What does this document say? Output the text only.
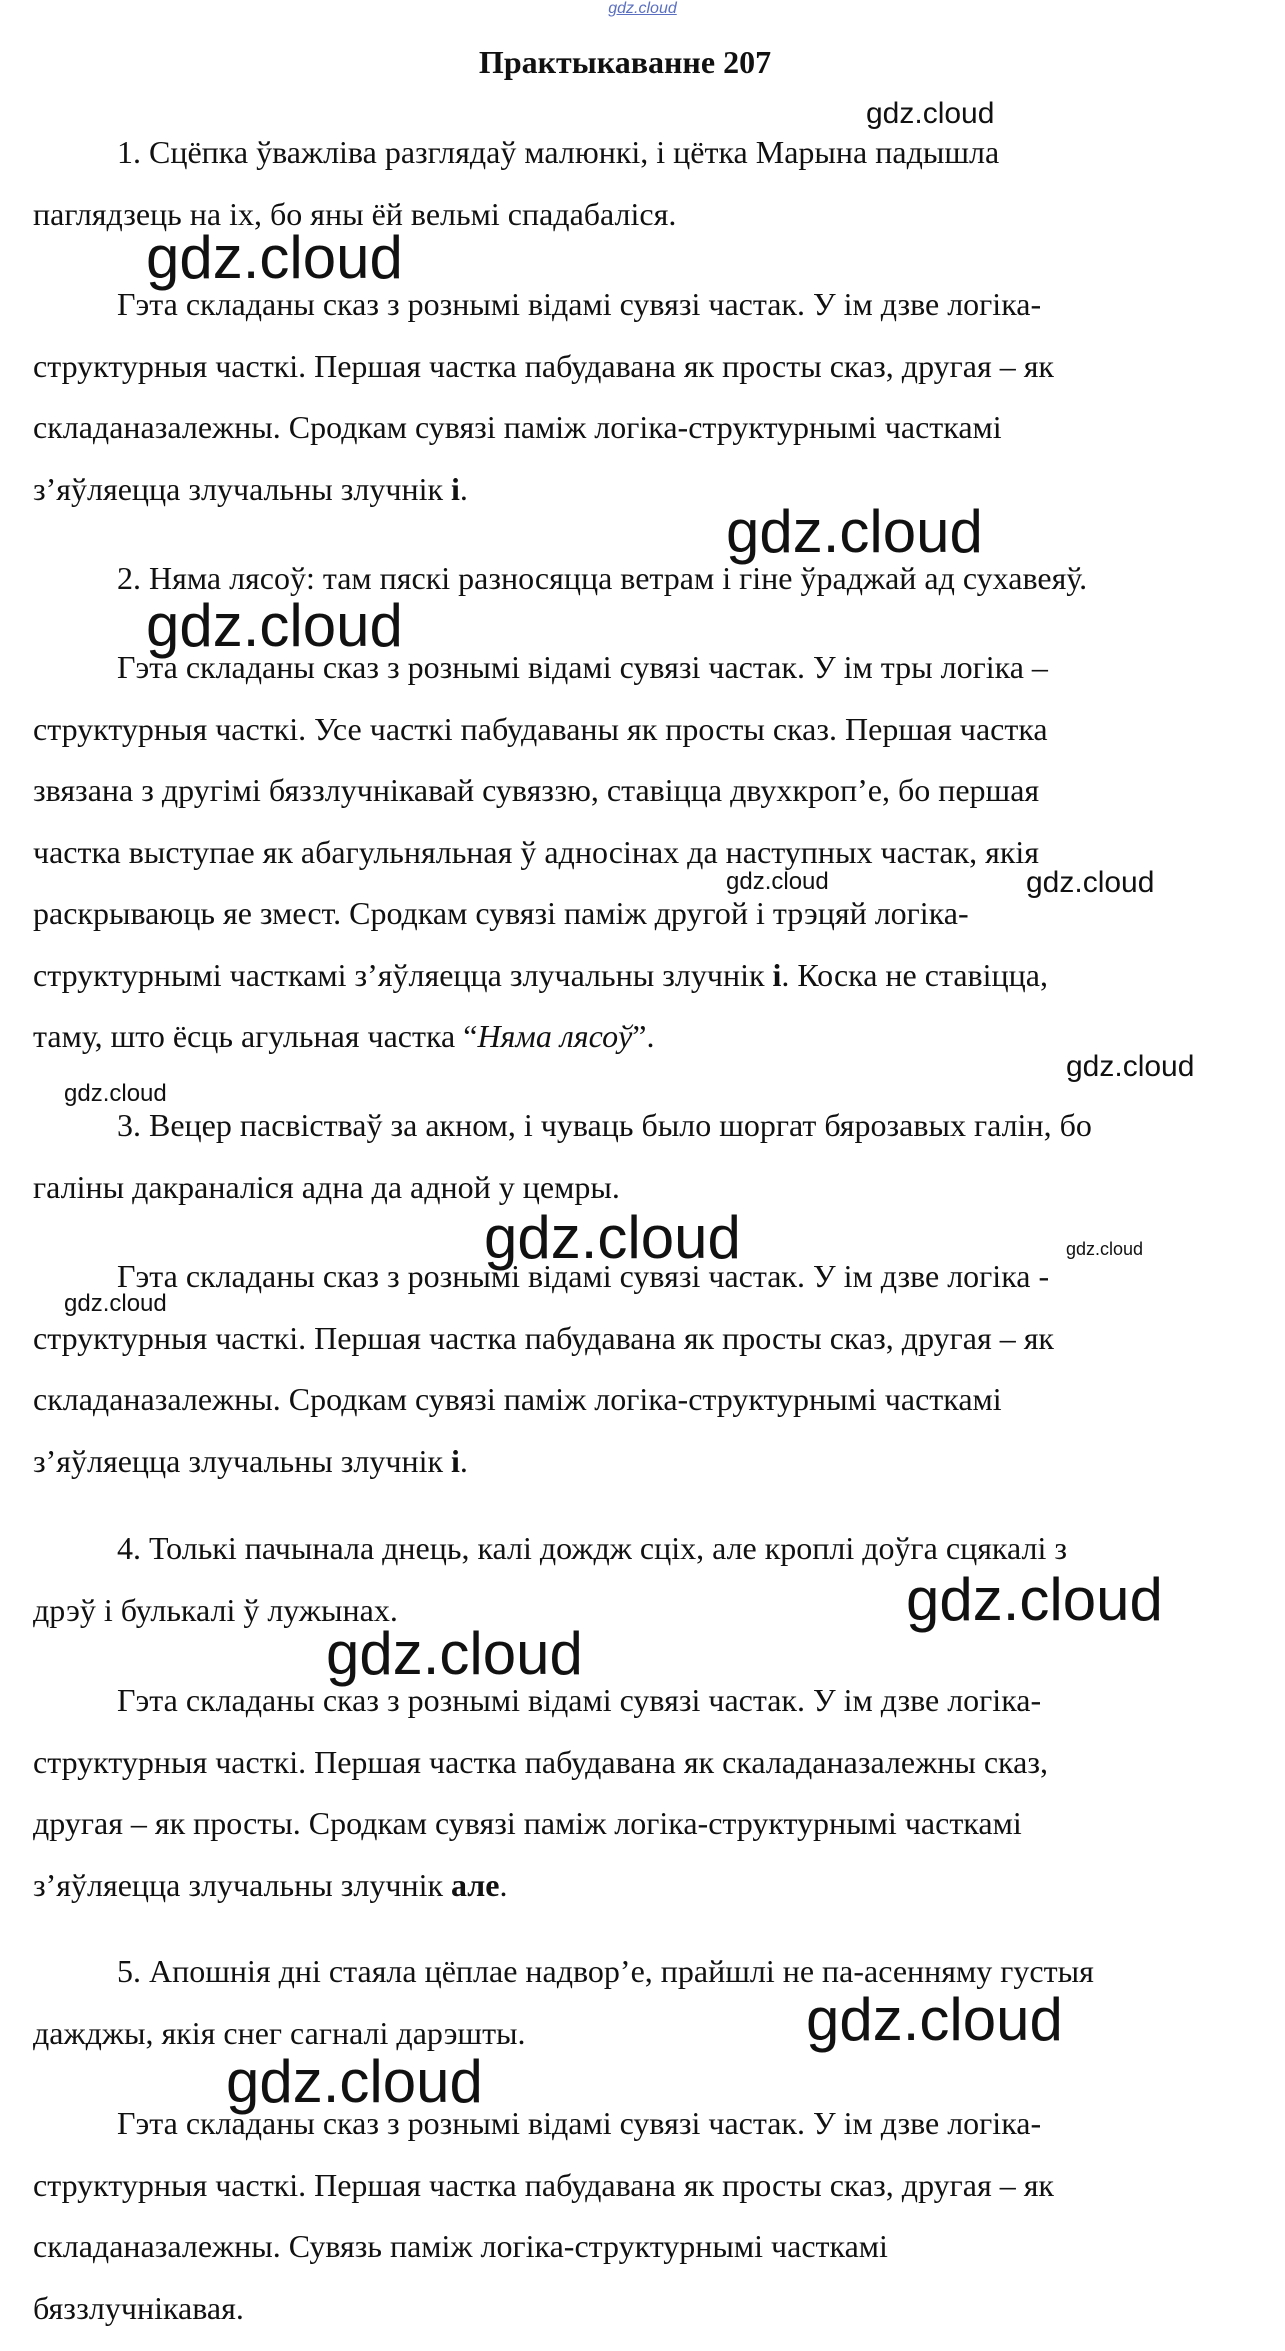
gdz.cloud
Практыкаванне 207
1. Сцёпка ўважліва разглядаў малюнкі, і цётка Марына падышла
паглядзець на іх, бо яны ёй вельмі спадабаліся.
Гэта складаны сказ з рознымі відамі сувязі частак. У ім дзве логіка-
структурныя часткі. Першая частка пабудавана як просты сказ, другая – як
складаназалежны. Сродкам сувязі паміж логіка-структурнымі часткамі
з’яўляецца злучальны злучнік і.
2. Няма лясоў: там пяскі разносяцца ветрам і гіне ўраджай ад сухавеяў.
Гэта складаны сказ з рознымі відамі сувязі частак. У ім тры логіка –
структурныя часткі. Усе часткі пабудаваны як просты сказ. Першая частка
звязана з другімі бяззлучнікавай сувяззю, ставіцца двухкроп’е, бо першая
частка выступае як абагульняльная ў адносінах да наступных частак, якія
раскрываюць яе змест. Сродкам сувязі паміж другой і трэцяй логіка-
структурнымі часткамі з’яўляецца злучальны злучнік і. Коска не ставіцца,
таму, што ёсць агульная частка “Няма лясоў”.
3. Вецер пасвістваў за акном, і чуваць было шоргат бярозавых галін, бо
галіны дакраналіся адна да адной у цемры.
Гэта складаны сказ з рознымі відамі сувязі частак. У ім дзве логіка -
структурныя часткі. Першая частка пабудавана як просты сказ, другая – як
складаназалежны. Сродкам сувязі паміж логіка-структурнымі часткамі
з’яўляецца злучальны злучнік і.
4. Толькі пачынала днець, калі дождж сціх, але кроплі доўга сцякалі з
дрэў і булькалі ў лужынах.
Гэта складаны сказ з рознымі відамі сувязі частак. У ім дзве логіка-
структурныя часткі. Першая частка пабудавана як скаладаназалежны сказ,
другая – як просты. Сродкам сувязі паміж логіка-структурнымі часткамі
з’яўляецца злучальны злучнік але.
5. Апошнія дні стаяла цёплае надвор’е, прайшлі не па-асенняму густыя
дажджы, якія снег сагналі дарэшты.
Гэта складаны сказ з рознымі відамі сувязі частак. У ім дзве логіка-
структурныя часткі. Першая частка пабудавана як просты сказ, другая – як
складаназалежны. Сувязь паміж логіка-структурнымі часткамі
бяззлучнікавая.
gdz.cloud
gdz.cloud
gdz.cloud
gdz.cloud
gdz.cloud	gdz.cloud
gdz.cloud
gdz.cloud
gdz.cloud	gdz.cloud
gdz.cloud
gdz.cloud
gdz.cloud
gdz.cloud
gdz.cloud
